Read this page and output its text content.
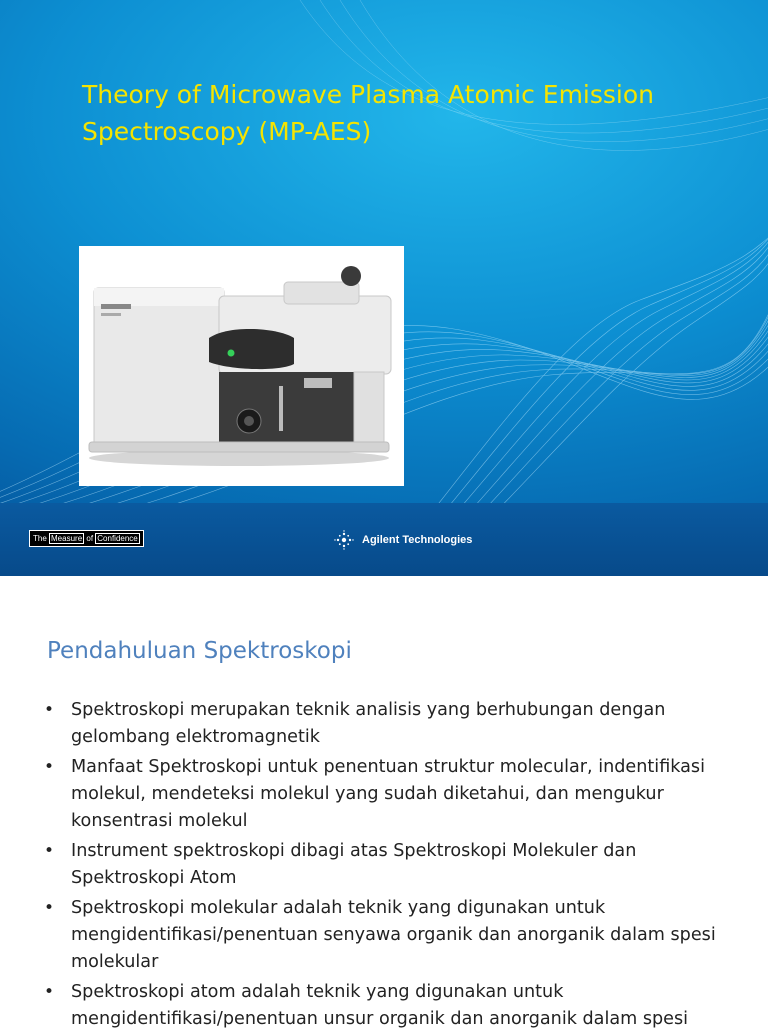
Theory of Microwave Plasma Atomic Emission Spectroscopy (MP-AES)
The Measure of Confidence	Agilent Technologies
Pendahuluan Spektroskopi
• Spektroskopi merupakan teknik analisis yang berhubungan dengan gelombang elektromagnetik
• Manfaat Spektroskopi untuk penentuan struktur molecular, indentifikasi molekul, mendeteksi molekul yang sudah diketahui, dan mengukur konsentrasi molekul
• Instrument spektroskopi dibagi atas Spektroskopi Molekuler dan Spektroskopi Atom
• Spektroskopi molekular adalah teknik yang digunakan untuk mengidentifikasi/penentuan senyawa organik dan anorganik dalam spesi molekular
• Spektroskopi atom adalah teknik yang digunakan untuk mengidentifikasi/penentuan unsur organik dan anorganik dalam spesi
